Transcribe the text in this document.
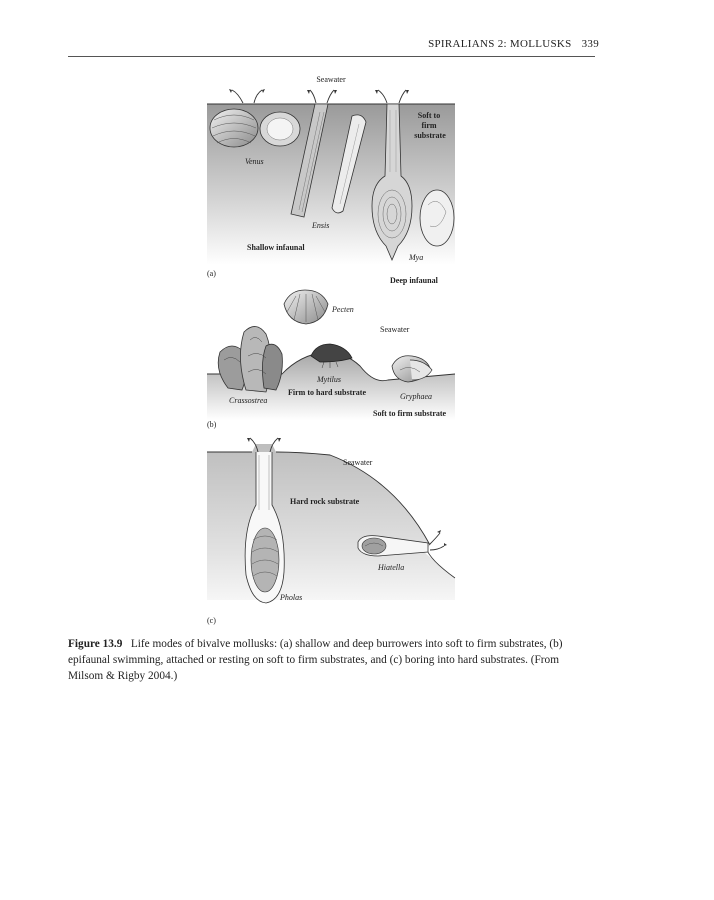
SPIRALIANS 2: MOLLUSKS 339
Seawater
Soft to firm substrate
Venus
Ensis
Shallow infaunal
Mya
(a)
Deep infaunal
Pecten
Seawater
Mytilus
Firm to hard substrate	Gryphaea
Crassostrea
Soft to firm substrate
(b)
Seawater
Hard rock substrate
Hiatella
Pholas
(c)
Figure 13.9 Life modes of bivalve mollusks: (a) shallow and deep burrowers into soft to firm substrates, (b) epifaunal swimming, attached or resting on soft to firm substrates, and (c) boring into hard substrates. (From Milsom & Rigby 2004.)
